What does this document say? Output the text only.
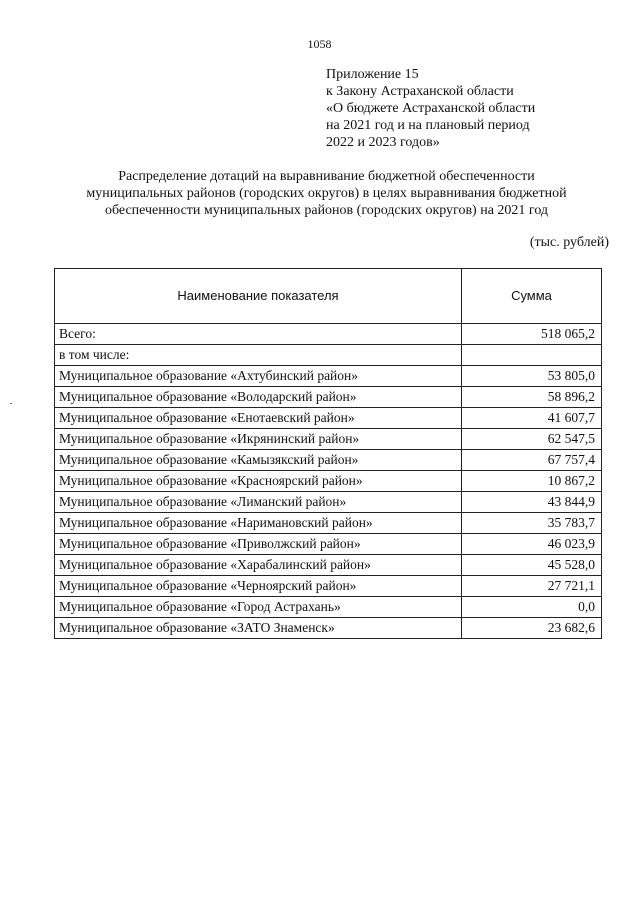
1058
Приложение 15
к Закону Астраханской области
«О бюджете Астраханской области
на 2021 год и на плановый период
2022 и 2023 годов»
Распределение дотаций на выравнивание бюджетной обеспеченности
муниципальных районов (городских округов) в целях выравнивания бюджетной
обеспеченности муниципальных районов (городских округов) на 2021 год
(тыс. рублей)
Наименование показателя	Сумма
Всего:	518 065,2
в том числе:	
Муниципальное образование «Ахтубинский район»	53 805,0
Муниципальное образование «Володарский район»	58 896,2
Муниципальное образование «Енотаевский район»	41 607,7
Муниципальное образование «Икрянинский район»	62 547,5
Муниципальное образование «Камызякский район»	67 757,4
Муниципальное образование «Красноярский район»	10 867,2
Муниципальное образование «Лиманский район»	43 844,9
Муниципальное образование «Наримановский район»	35 783,7
Муниципальное образование «Приволжский район»	46 023,9
Муниципальное образование «Харабалинский район»	45 528,0
Муниципальное образование «Черноярский район»	27 721,1
Муниципальное образование «Город Астрахань»	0,0
Муниципальное образование «ЗАТО Знаменск»	23 682,6
